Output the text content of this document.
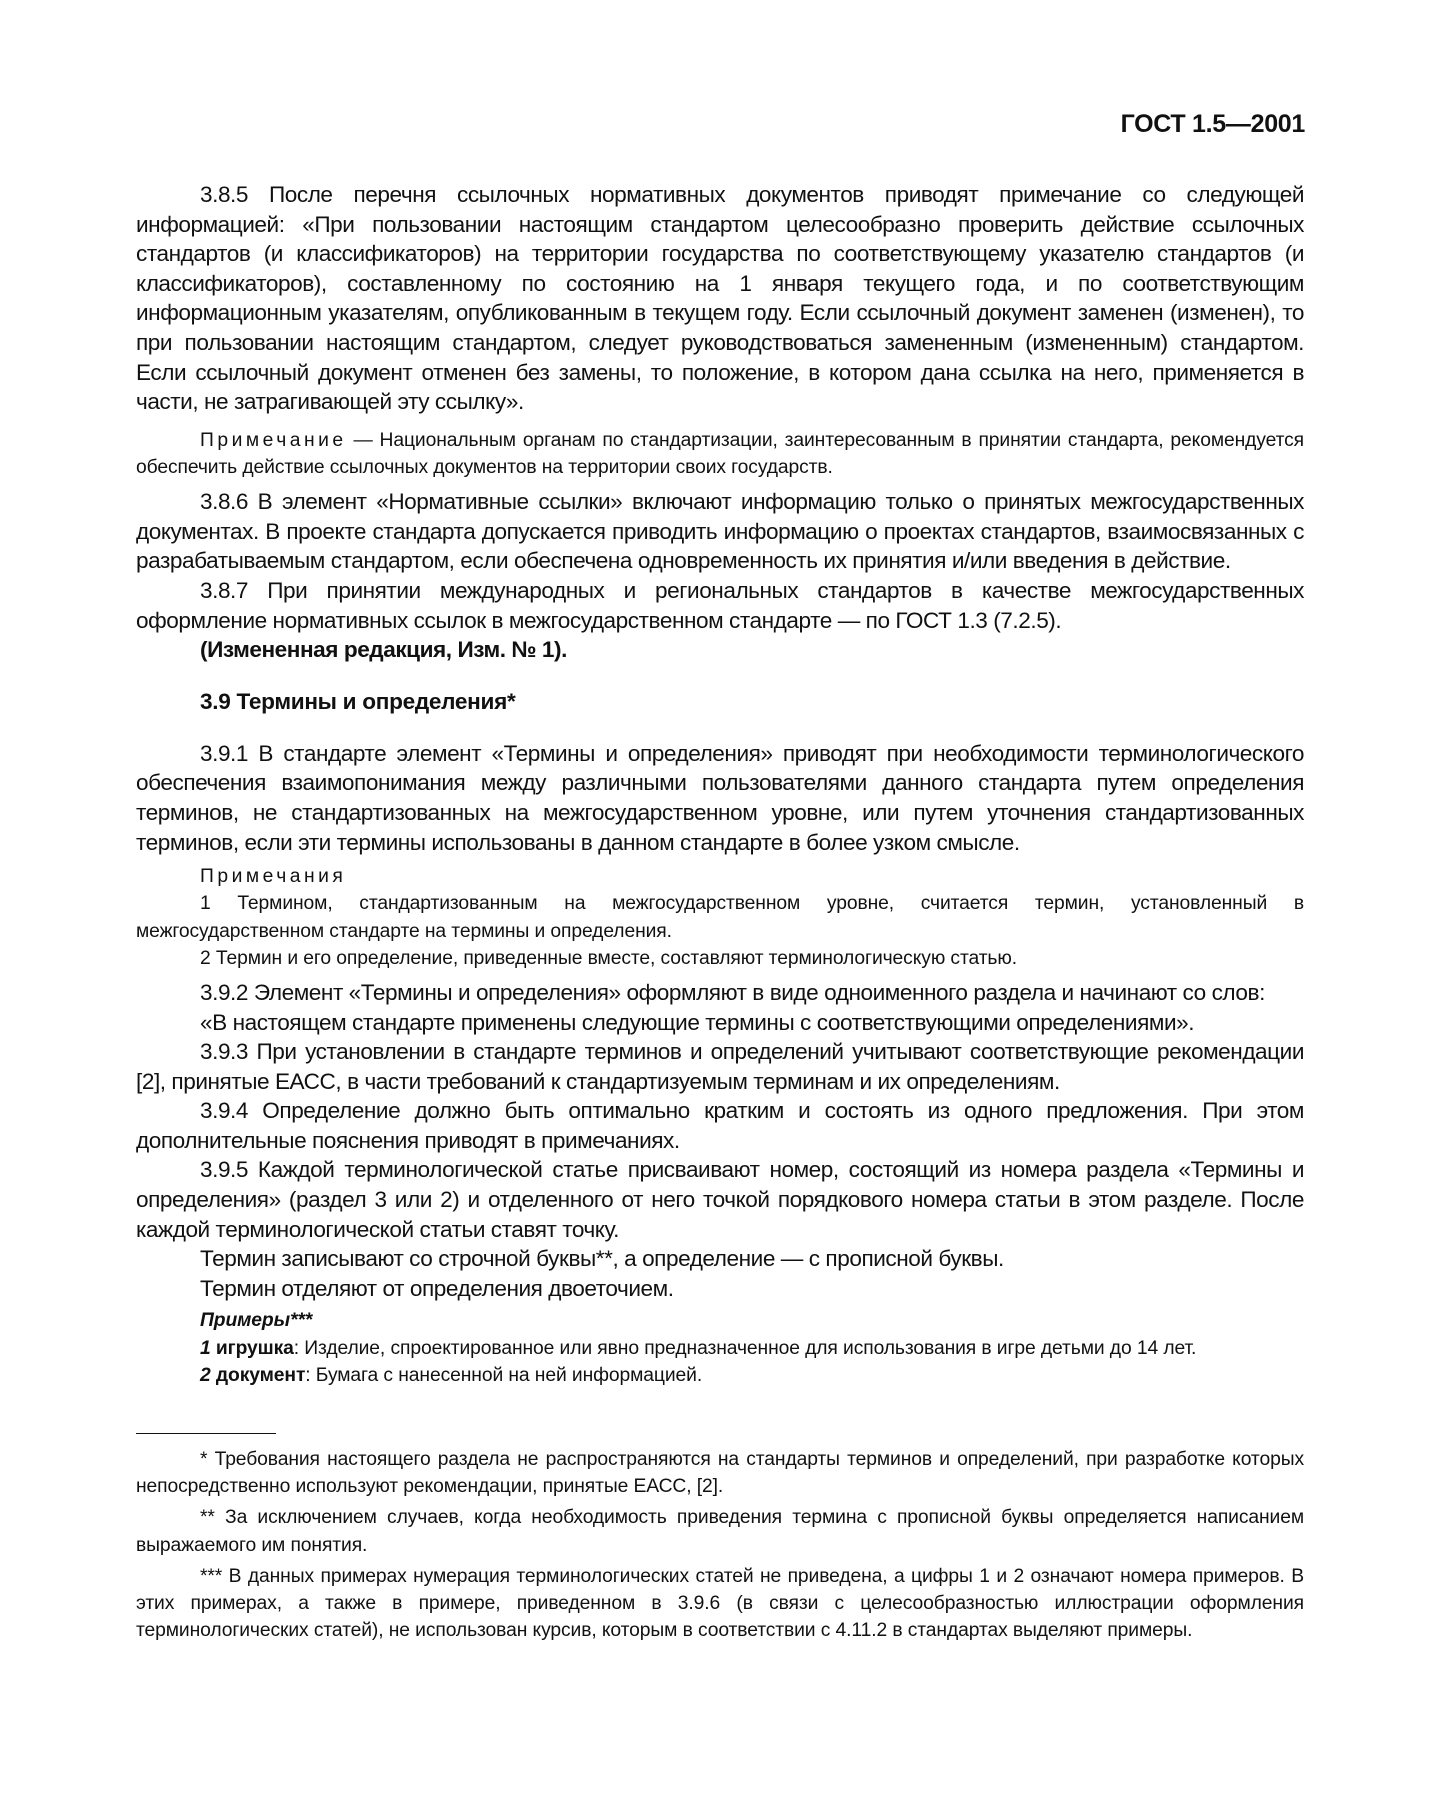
ГОСТ 1.5—2001

3.8.5 После перечня ссылочных нормативных документов приводят примечание со следующей информацией: «При пользовании настоящим стандартом целесообразно проверить действие ссылочных стандартов (и классификаторов) на территории государства по соответствующему указателю стандартов (и классификаторов), составленному по состоянию на 1 января текущего года, и по соответствующим информационным указателям, опубликованным в текущем году. Если ссылочный документ заменен (изменен), то при пользовании настоящим стандартом, следует руководствоваться замененным (измененным) стандартом. Если ссылочный документ отменен без замены, то положение, в котором дана ссылка на него, применяется в части, не затрагивающей эту ссылку».

Примечание — Национальным органам по стандартизации, заинтересованным в принятии стандарта, рекомендуется обеспечить действие ссылочных документов на территории своих государств.

3.8.6 В элемент «Нормативные ссылки» включают информацию только о принятых межгосударственных документах. В проекте стандарта допускается приводить информацию о проектах стандартов, взаимосвязанных с разрабатываемым стандартом, если обеспечена одновременность их принятия и/или введения в действие.

3.8.7 При принятии международных и региональных стандартов в качестве межгосударственных оформление нормативных ссылок в межгосударственном стандарте — по ГОСТ 1.3 (7.2.5).

(Измененная редакция, Изм. № 1).

3.9 Термины и определения*

3.9.1 В стандарте элемент «Термины и определения» приводят при необходимости терминологического обеспечения взаимопонимания между различными пользователями данного стандарта путем определения терминов, не стандартизованных на межгосударственном уровне, или путем уточнения стандартизованных терминов, если эти термины использованы в данном стандарте в более узком смысле.

Примечания

1 Термином, стандартизованным на межгосударственном уровне, считается термин, установленный в межгосударственном стандарте на термины и определения.

2 Термин и его определение, приведенные вместе, составляют терминологическую статью.

3.9.2 Элемент «Термины и определения» оформляют в виде одноименного раздела и начинают со слов:

«В настоящем стандарте применены следующие термины с соответствующими определениями».

3.9.3 При установлении в стандарте терминов и определений учитывают соответствующие рекомендации [2], принятые ЕАСС, в части требований к стандартизуемым терминам и их определениям.

3.9.4 Определение должно быть оптимально кратким и состоять из одного предложения. При этом дополнительные пояснения приводят в примечаниях.

3.9.5 Каждой терминологической статье присваивают номер, состоящий из номера раздела «Термины и определения» (раздел 3 или 2) и отделенного от него точкой порядкового номера статьи в этом разделе. После каждой терминологической статьи ставят точку.

Термин записывают со строчной буквы**, а определение — с прописной буквы.

Термин отделяют от определения двоеточием.

Примеры***

1 игрушка: Изделие, спроектированное или явно предназначенное для использования в игре детьми до 14 лет.

2 документ: Бумага с нанесенной на ней информацией.

* Требования настоящего раздела не распространяются на стандарты терминов и определений, при разработке которых непосредственно используют рекомендации, принятые ЕАСС, [2].

** За исключением случаев, когда необходимость приведения термина с прописной буквы определяется написанием выражаемого им понятия.

*** В данных примерах нумерация терминологических статей не приведена, а цифры 1 и 2 означают номера примеров. В этих примерах, а также в примере, приведенном в 3.9.6 (в связи с целесообразностью иллюстрации оформления терминологических статей), не использован курсив, которым в соответствии с 4.11.2 в стандартах выделяют примеры.
